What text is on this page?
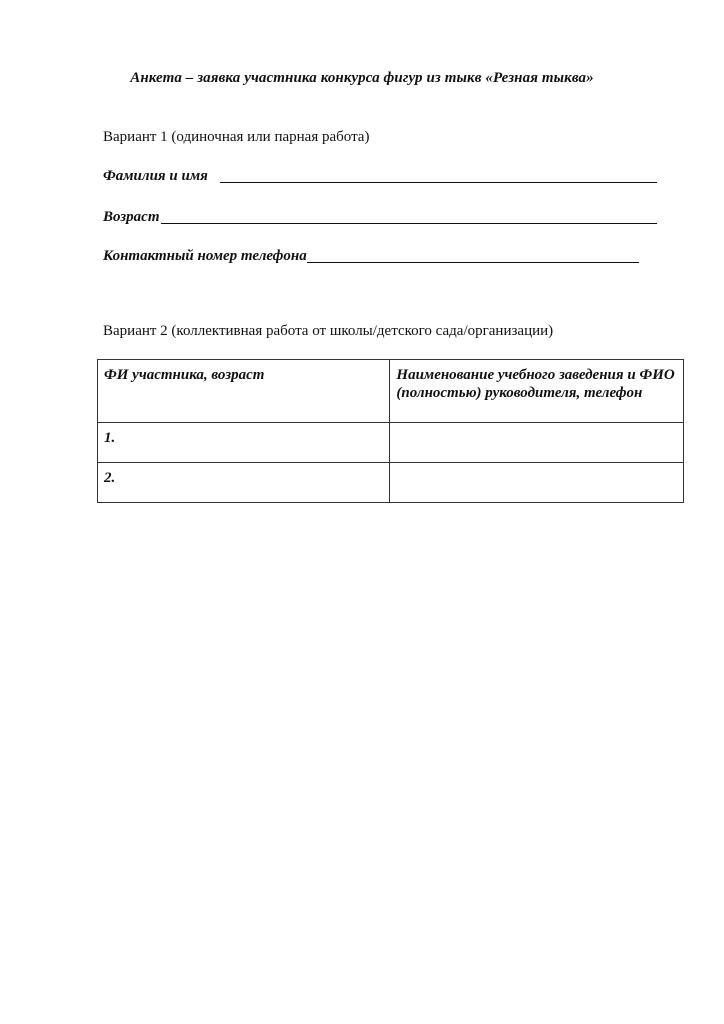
Анкета – заявка участника конкурса фигур из тыкв «Резная тыква»
Вариант 1 (одиночная или парная работа)
Фамилия и имя
Возраст
Контактный номер телефона
Вариант 2 (коллективная работа от школы/детского сада/организации)
ФИ участника, возраст	Наименование учебного заведения и ФИО (полностью) руководителя, телефон
1.	
2.	
